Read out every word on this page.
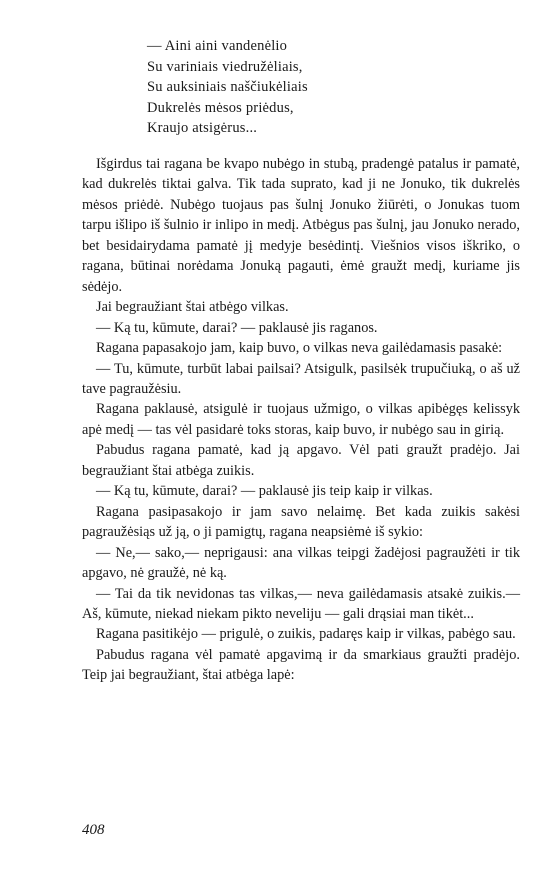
— Aini aini vandenėlio
Su variniais viedružėliais,
Su auksiniais naščiukėliais
Dukrelės mėsos priėdus,
Kraujo atsigėrus...

Išgirdus tai ragana be kvapo nubėgo in stubą, pradengė patalus ir pamatė, kad dukrelės tiktai galva. Tik tada suprato, kad ji ne Jonuko, tik dukrelės mėsos priėdė. Nubėgo tuojaus pas šulnį Jonuko žiūrėti, o Jonukas tuom tarpu išlipo iš šulnio ir inlipo in medį. Atbėgus pas šulnį, jau Jonuko nerado, bet besidairydama pamatė jį medyje besėdintį. Viešnios visos iškriko, o ragana, būtinai norėdama Jonuką pagauti, ėmė graužt medį, kuriame jis sėdėjo.

Jai begraužiant štai atbėgo vilkas.

— Ką tu, kūmute, darai? — paklausė jis raganos.

Ragana papasakojo jam, kaip buvo, o vilkas neva gailėdamasis pasakė:

— Tu, kūmute, turbūt labai pailsai? Atsigulk, pasilsėk trupučiuką, o aš už tave pagraužėsiu.

Ragana paklausė, atsigulė ir tuojaus užmigo, o vilkas apibėgęs kelissyk apė medį — tas vėl pasidarė toks storas, kaip buvo, ir nubėgo sau in girią.

Pabudus ragana pamatė, kad ją apgavo. Vėl pati graužt pradėjo. Jai begraužiant štai atbėga zuikis.

— Ką tu, kūmute, darai? — paklausė jis teip kaip ir vilkas.

Ragana pasipasakojo ir jam savo nelaimę. Bet kada zuikis sakėsi pagraužėsiąs už ją, o ji pamigtų, ragana neapsiėmė iš sykio:

— Ne,— sako,— neprigausi: ana vilkas teipgi žadėjosi pagraužėti ir tik apgavo, nė graužė, nė ką.

— Tai da tik nevidonas tas vilkas,— neva gailėdamasis atsakė zuikis.— Aš, kūmute, niekad niekam pikto neveliju — gali drąsiai man tikėt...

Ragana pasitikėjo — prigulė, o zuikis, padaręs kaip ir vilkas, pabėgo sau.

Pabudus ragana vėl pamatė apgavimą ir da smarkiaus graužti pradėjo. Teip jai begraužiant, štai atbėga lapė:

408
